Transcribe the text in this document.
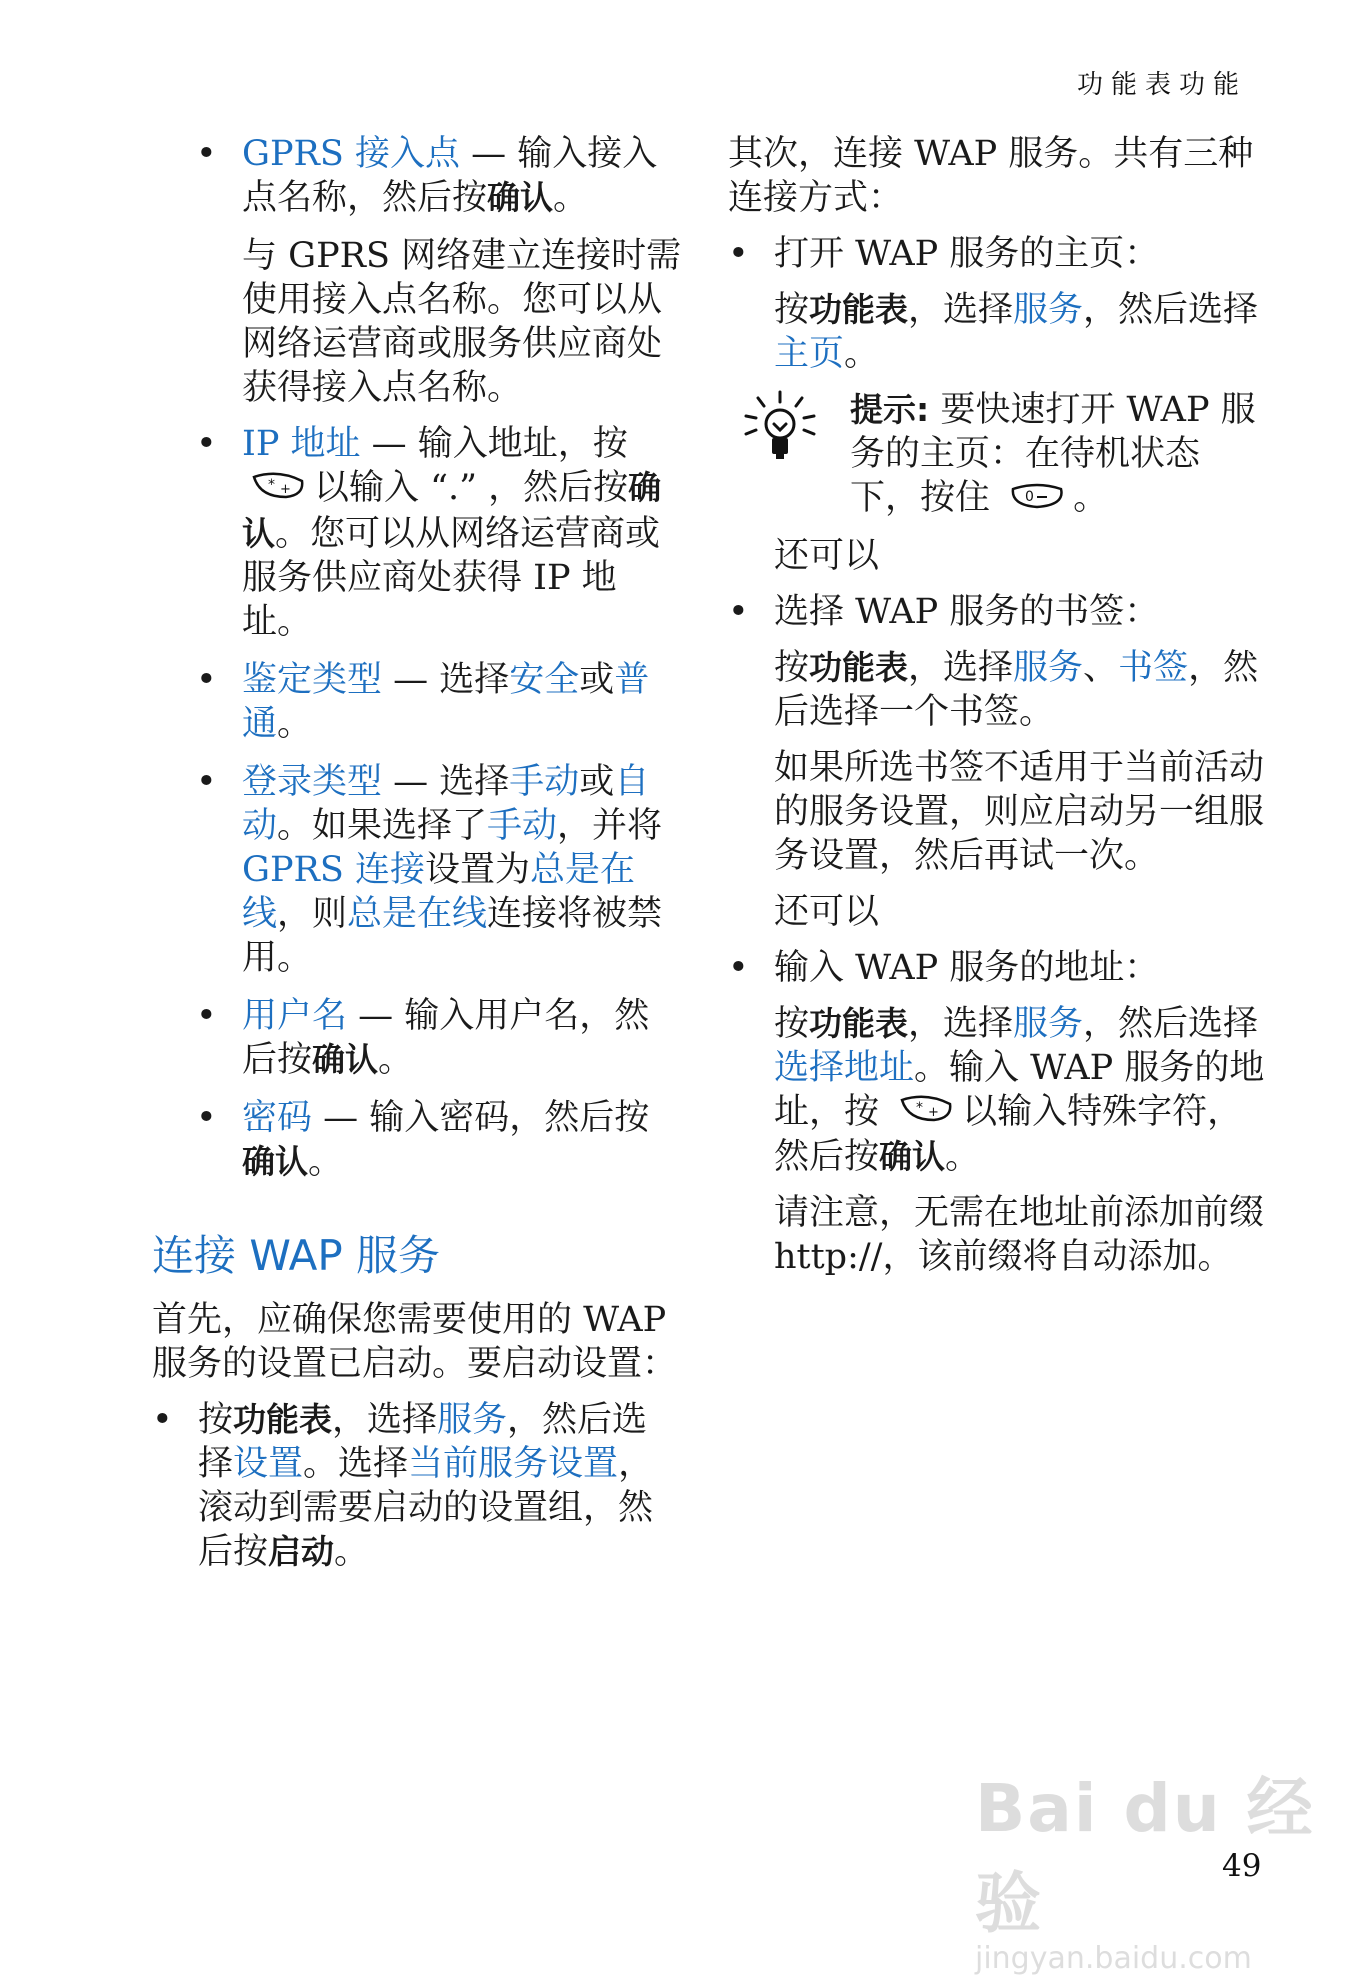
功能表功能
• GPRS 接入点 — 输入接入点名称，然后按确认。
与 GPRS 网络建立连接时需使用接入点名称。您可以从网络运营商或服务供应商处获得接入点名称。
• IP 地址 — 输入地址，按
* + 以输入 “.” ，然后按确认。您可以从网络运营商或服务供应商处获得 IP 地址。
• 鉴定类型 — 选择安全或普通。
• 登录类型 — 选择手动或自动。如果选择了手动，并将GPRS 连接设置为总是在线，则总是在线连接将被禁用。
• 用户名 — 输入用户名，然后按确认。
• 密码 — 输入密码，然后按确认。
连接 WAP 服务
首先，应确保您需要使用的 WAP 服务的设置已启动。要启动设置：
• 按功能表，选择服务，然后选择设置。选择当前服务设置，滚动到需要启动的设置组，然后按启动。
其次，连接 WAP 服务。共有三种连接方式：
• 打开 WAP 服务的主页：
按功能表，选择服务，然后选择主页。
提示: 要快速打开 WAP 服务的主页：在待机状态下，按住	0 。
还可以
• 选择 WAP 服务的书签：
按功能表，选择服务、书签，然后选择一个书签。
如果所选书签不适用于当前活动的服务设置，则应启动另一组服务设置，然后再试一次。
还可以
• 输入 WAP 服务的地址：
按功能表，选择服务，然后选择选择地址。输入 WAP 服务的地址，按	* + 以输入特殊字符，然后按确认。
请注意，无需在地址前添加前缀 http://，该前缀将自动添加。
Bai du 经验
jingyan.baidu.com
49
